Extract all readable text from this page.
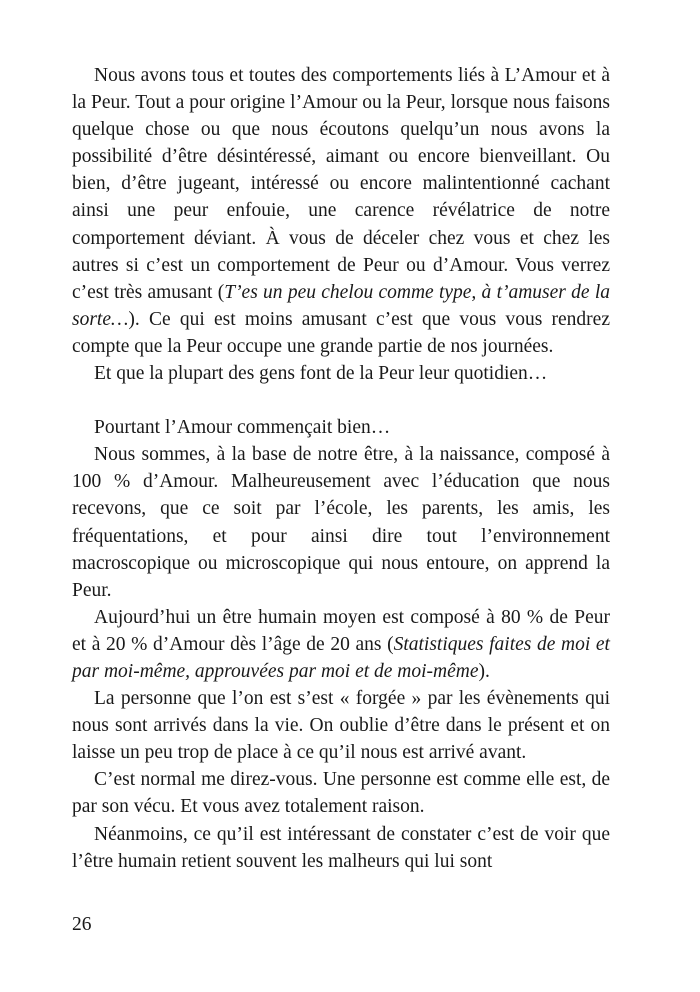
Nous avons tous et toutes des comportements liés à L’Amour et à la Peur. Tout a pour origine l’Amour ou la Peur, lorsque nous faisons quelque chose ou que nous écoutons quelqu’un nous avons la possibilité d’être désintéressé, aimant ou encore bienveillant. Ou bien, d’être jugeant, intéressé ou encore malintentionné cachant ainsi une peur enfouie, une carence révélatrice de notre comportement déviant. À vous de déceler chez vous et chez les autres si c’est un comportement de Peur ou d’Amour. Vous verrez c’est très amusant (T’es un peu chelou comme type, à t’amuser de la sorte…). Ce qui est moins amusant c’est que vous vous rendrez compte que la Peur occupe une grande partie de nos journées.

Et que la plupart des gens font de la Peur leur quotidien…

Pourtant l’Amour commençait bien…

Nous sommes, à la base de notre être, à la naissance, composé à 100 % d’Amour. Malheureusement avec l’éducation que nous recevons, que ce soit par l’école, les parents, les amis, les fréquentations, et pour ainsi dire tout l’environnement macroscopique ou microscopique qui nous entoure, on apprend la Peur.

Aujourd’hui un être humain moyen est composé à 80 % de Peur et à 20 % d’Amour dès l’âge de 20 ans (Statistiques faites de moi et par moi-même, approuvées par moi et de moi-même).

La personne que l’on est s’est « forgée » par les évènements qui nous sont arrivés dans la vie. On oublie d’être dans le présent et on laisse un peu trop de place à ce qu’il nous est arrivé avant.

C’est normal me direz-vous. Une personne est comme elle est, de par son vécu. Et vous avez totalement raison.

Néanmoins, ce qu’il est intéressant de constater c’est de voir que l’être humain retient souvent les malheurs qui lui sont

26
